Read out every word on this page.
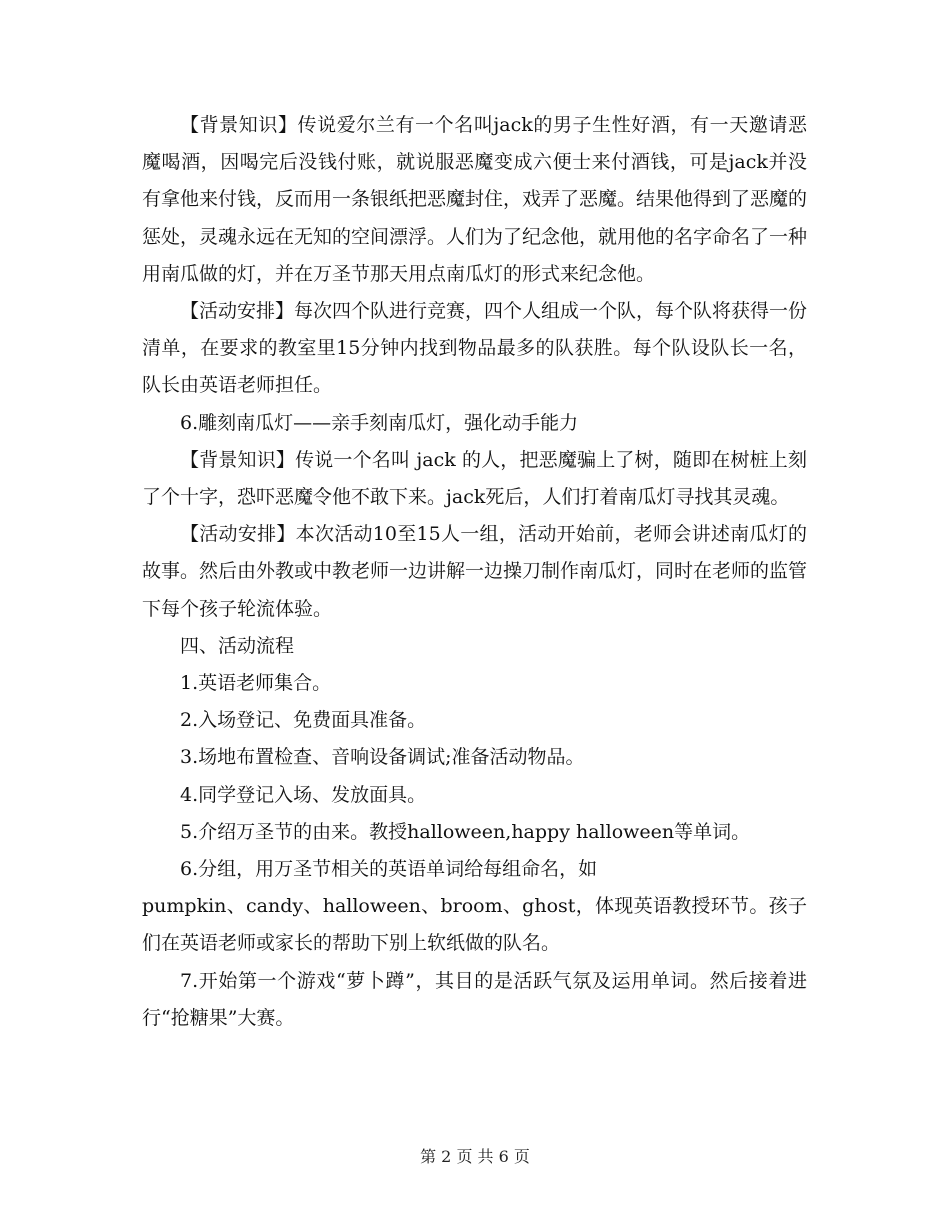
【背景知识】传说爱尔兰有一个名叫jack的男子生性好酒，有一天邀请恶魔喝酒，因喝完后没钱付账，就说服恶魔变成六便士来付酒钱，可是jack并没有拿他来付钱，反而用一条银纸把恶魔封住，戏弄了恶魔。结果他得到了恶魔的惩处，灵魂永远在无知的空间漂浮。人们为了纪念他，就用他的名字命名了一种用南瓜做的灯，并在万圣节那天用点南瓜灯的形式来纪念他。

【活动安排】每次四个队进行竞赛，四个人组成一个队，每个队将获得一份清单，在要求的教室里15分钟内找到物品最多的队获胜。每个队设队长一名，队长由英语老师担任。

6.雕刻南瓜灯——亲手刻南瓜灯，强化动手能力

【背景知识】传说一个名叫 jack 的人，把恶魔骗上了树，随即在树桩上刻了个十字，恐吓恶魔令他不敢下来。jack死后，人们打着南瓜灯寻找其灵魂。

【活动安排】本次活动10至15人一组，活动开始前，老师会讲述南瓜灯的故事。然后由外教或中教老师一边讲解一边操刀制作南瓜灯，同时在老师的监管下每个孩子轮流体验。

四、活动流程

1.英语老师集合。

2.入场登记、免费面具准备。

3.场地布置检查、音响设备调试;准备活动物品。

4.同学登记入场、发放面具。

5.介绍万圣节的由来。教授halloween,happy halloween等单词。

6.分组，用万圣节相关的英语单词给每组命名，如

pumpkin、candy、halloween、broom、ghost，体现英语教授环节。孩子们在英语老师或家长的帮助下别上软纸做的队名。

7.开始第一个游戏“萝卜蹲”，其目的是活跃气氛及运用单词。然后接着进行“抢糖果”大赛。

第 2 页 共 6 页
